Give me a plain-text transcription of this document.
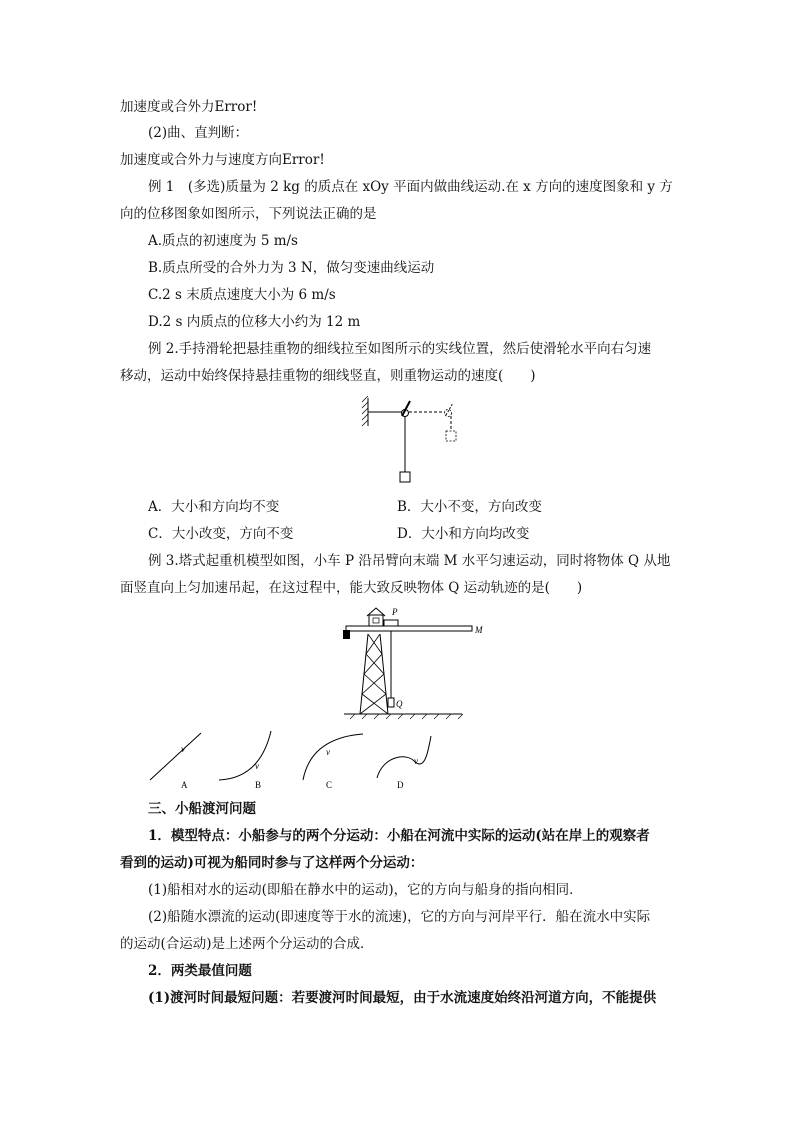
加速度或合外力Error!
(2)曲、直判断：
加速度或合外力与速度方向Error!
例 1　(多选)质量为 2 kg 的质点在 xOy 平面内做曲线运动.在 x 方向的速度图象和 y 方
向的位移图象如图所示，下列说法正确的是
A.质点的初速度为 5 m/s
B.质点所受的合外力为 3 N，做匀变速曲线运动
C.2 s 末质点速度大小为 6 m/s
D.2 s 内质点的位移大小约为 12 m
例 2.手持滑轮把悬挂重物的细线拉至如图所示的实线位置，然后使滑轮水平向右匀速
移动，运动中始终保持悬挂重物的细线竖直，则重物运动的速度(　　)
A．大小和方向均不变	B．大小不变，方向改变
C．大小改变，方向不变	D．大小和方向均改变
例 3.塔式起重机模型如图，小车 P 沿吊臂向末端 M 水平匀速运动，同时将物体 Q 从地
面竖直向上匀加速吊起，在这过程中，能大致反映物体 Q 运动轨迹的是(　　)
P
M
Q
v
A
v
B
v
C
v
D
三、小船渡河问题
1．模型特点：小船参与的两个分运动：小船在河流中实际的运动(站在岸上的观察者
看到的运动)可视为船同时参与了这样两个分运动：
(1)船相对水的运动(即船在静水中的运动)，它的方向与船身的指向相同．
(2)船随水漂流的运动(即速度等于水的流速)，它的方向与河岸平行．船在流水中实际
的运动(合运动)是上述两个分运动的合成．
2．两类最值问题
(1)渡河时间最短问题：若要渡河时间最短，由于水流速度始终沿河道方向，不能提供
